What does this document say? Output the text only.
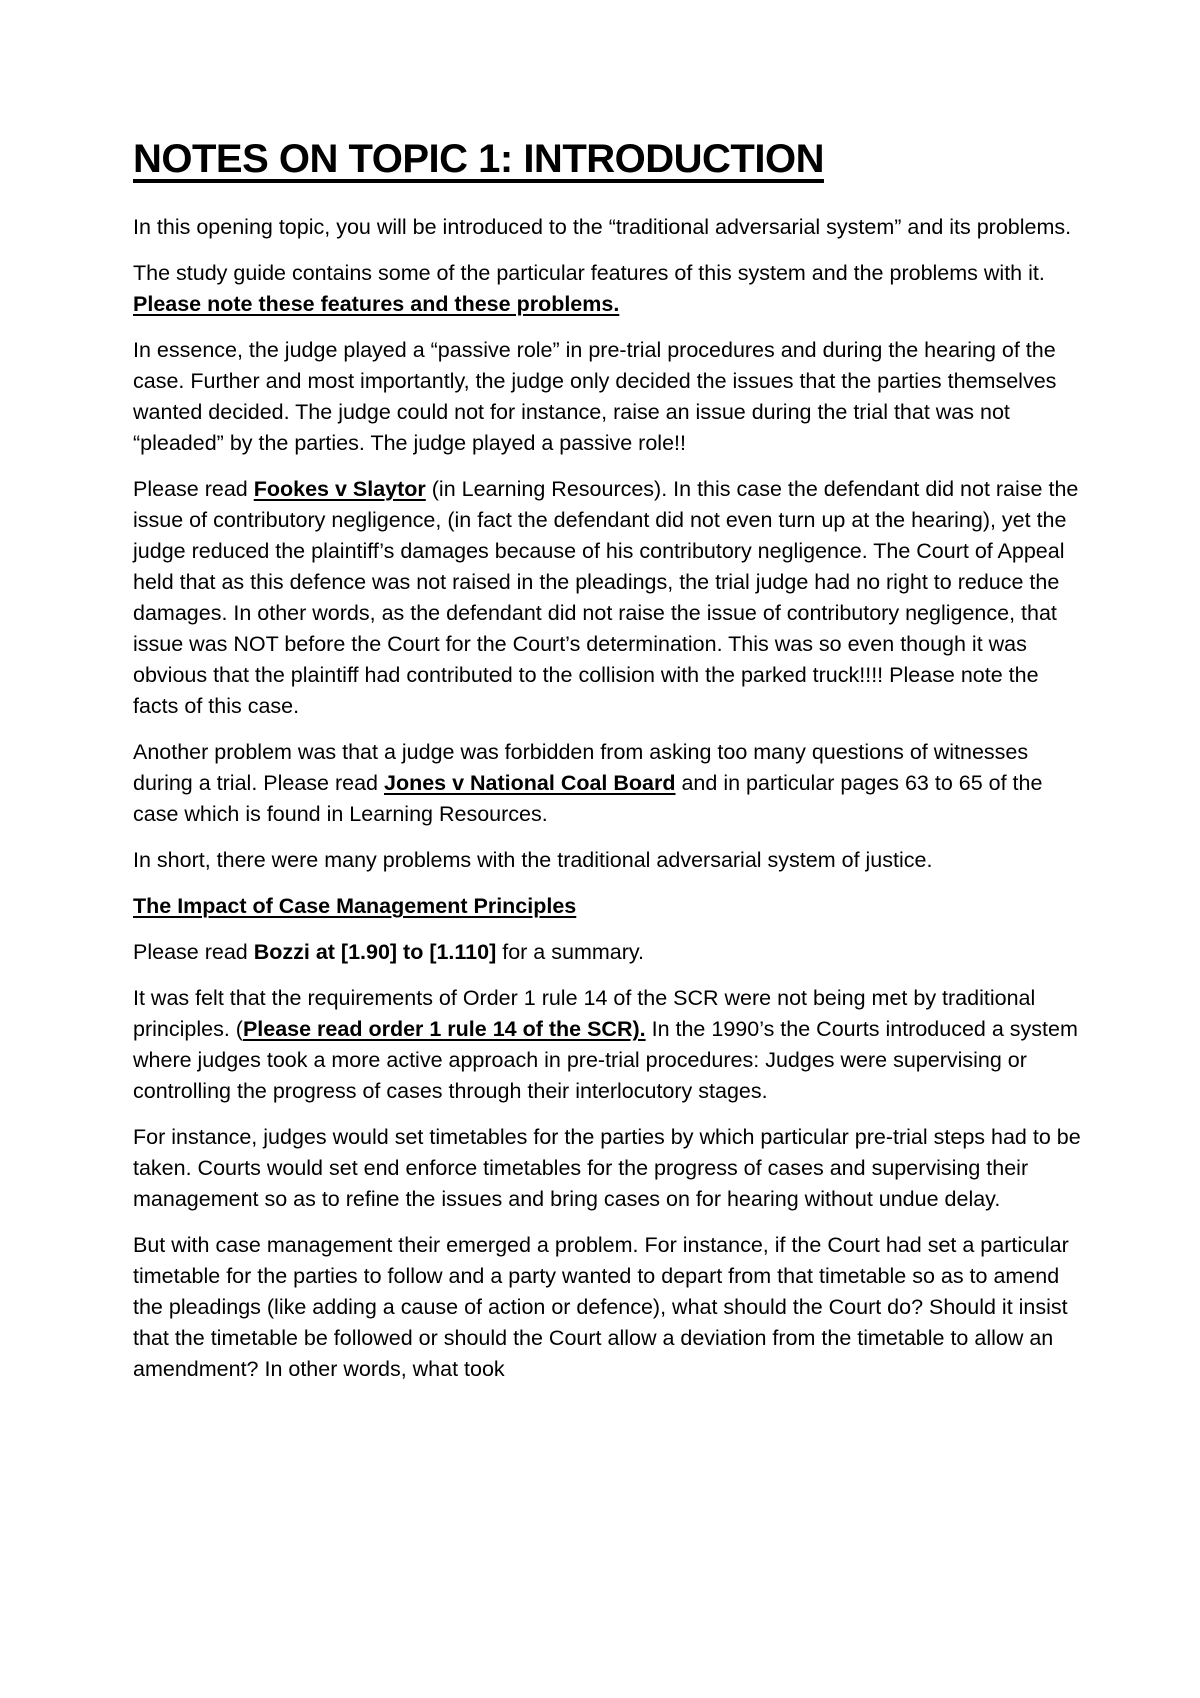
NOTES ON TOPIC 1: INTRODUCTION

In this opening topic, you will be introduced to the “traditional adversarial system” and its problems.

The study guide contains some of the particular features of this system and the problems with it. Please note these features and these problems.

In essence, the judge played a “passive role” in pre-trial procedures and during the hearing of the case. Further and most importantly, the judge only decided the issues that the parties themselves wanted decided. The judge could not for instance, raise an issue during the trial that was not “pleaded” by the parties. The judge played a passive role!!

Please read Fookes v Slaytor (in Learning Resources). In this case the defendant did not raise the issue of contributory negligence, (in fact the defendant did not even turn up at the hearing), yet the judge reduced the plaintiff’s damages because of his contributory negligence. The Court of Appeal held that as this defence was not raised in the pleadings, the trial judge had no right to reduce the damages. In other words, as the defendant did not raise the issue of contributory negligence, that issue was NOT before the Court for the Court’s determination. This was so even though it was obvious that the plaintiff had contributed to the collision with the parked truck!!!! Please note the facts of this case.

Another problem was that a judge was forbidden from asking too many questions of witnesses during a trial. Please read Jones v National Coal Board and in particular pages 63 to 65 of the case which is found in Learning Resources.

In short, there were many problems with the traditional adversarial system of justice.

The Impact of Case Management Principles

Please read Bozzi at [1.90] to [1.110] for a summary.

It was felt that the requirements of Order 1 rule 14 of the SCR were not being met by traditional principles. (Please read order 1 rule 14 of the SCR). In the 1990’s the Courts introduced a system where judges took a more active approach in pre-trial procedures: Judges were supervising or controlling the progress of cases through their interlocutory stages.

For instance, judges would set timetables for the parties by which particular pre-trial steps had to be taken. Courts would set end enforce timetables for the progress of cases and supervising their management so as to refine the issues and bring cases on for hearing without undue delay.

But with case management their emerged a problem. For instance, if the Court had set a particular timetable for the parties to follow and a party wanted to depart from that timetable so as to amend the pleadings (like adding a cause of action or defence), what should the Court do? Should it insist that the timetable be followed or should the Court allow a deviation from the timetable to allow an amendment? In other words, what took
